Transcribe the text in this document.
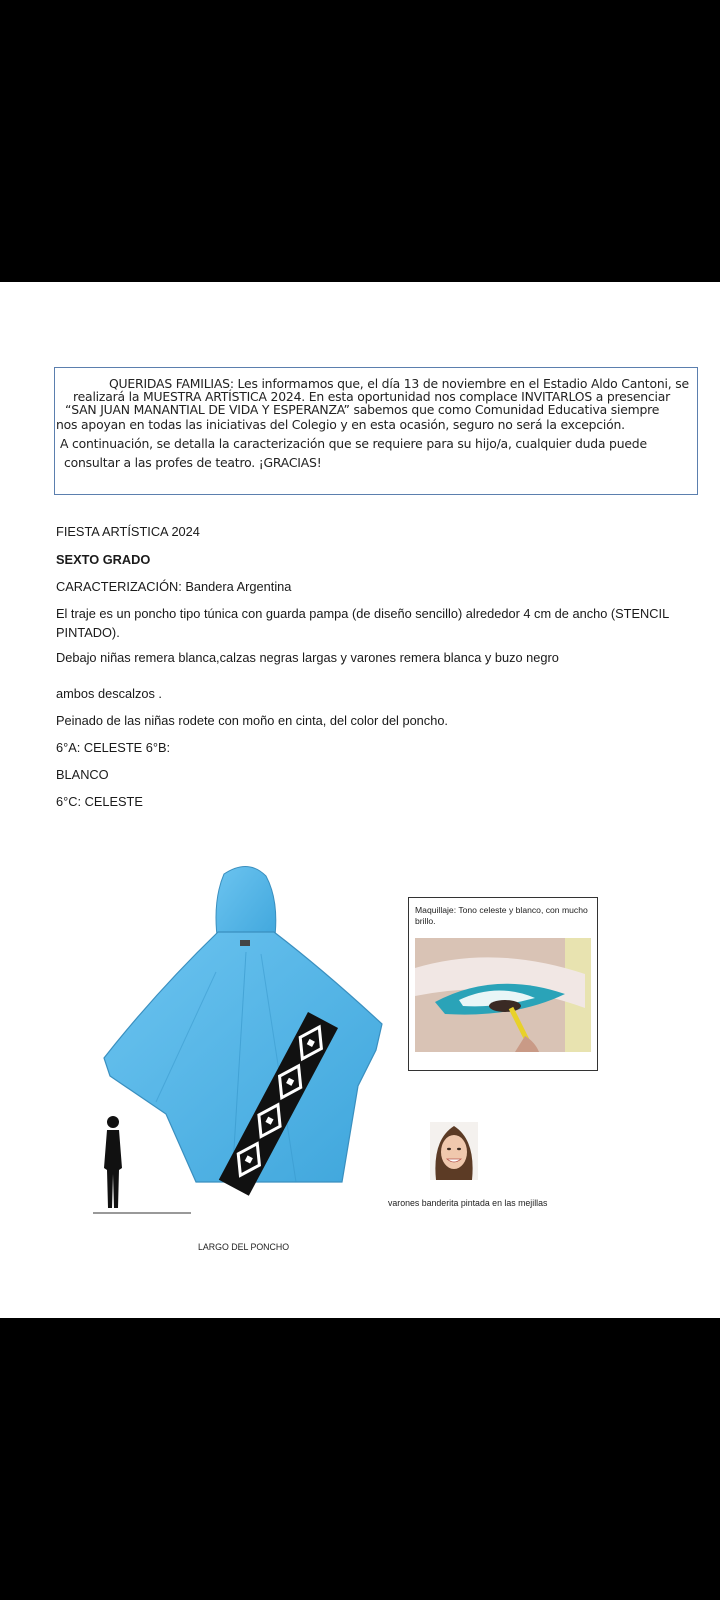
QUERIDAS FAMILIAS: Les informamos que, el día 13 de noviembre en el Estadio Aldo Cantoni, se
realizará la MUESTRA ARTÍSTICA 2024. En esta oportunidad nos complace INVITARLOS a presenciar
“SAN JUAN MANANTIAL DE VIDA Y ESPERANZA” sabemos que como Comunidad Educativa siempre
nos apoyan en todas las iniciativas del Colegio y en esta ocasión, seguro no será la excepción.
A continuación, se detalla la caracterización que se requiere para su hijo/a, cualquier duda puede
consultar a las profes de teatro. ¡GRACIAS!
FIESTA ARTÍSTICA 2024
SEXTO GRADO
CARACTERIZACIÓN: Bandera Argentina
El traje es un poncho tipo túnica con guarda pampa (de diseño sencillo) alrededor 4 cm de ancho (STENCIL PINTADO).
Debajo niñas remera blanca,calzas negras largas y varones remera blanca y buzo negro
ambos descalzos .
Peinado de las niñas rodete con moño en cinta, del color del poncho.
6°A: CELESTE 6°B:
BLANCO
6°C: CELESTE
Maquillaje: Tono celeste y blanco, con mucho brillo.
varones banderita pintada en las mejillas
LARGO DEL PONCHO
